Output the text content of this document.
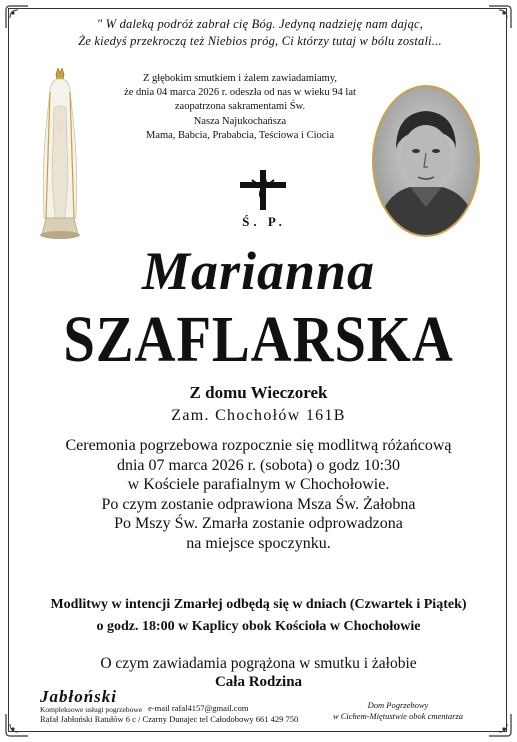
" W daleką podróż zabrał cię Bóg. Jedyną nadzieję nam dając,
Że kiedyś przekroczą też Niebios próg, Ci którzy tutaj w bólu zostali...
Z głębokim smutkiem i żalem zawiadamiamy,
że dnia 04 marca 2026 r. odeszła od nas w wieku 94 lat
zaopatrzona sakramentami Św.
Nasza Najukochańsza
Mama, Babcia, Prababcia, Teściowa i Ciocia
Ś. P.
Marianna
SZAFLARSKA
Z domu Wieczorek
Zam. Chochołów 161B
Ceremonia pogrzebowa rozpocznie się modlitwą różańcową
dnia 07 marca 2026 r. (sobota) o godz 10:30
w Kościele parafialnym w Chochołowie.
Po czym zostanie odprawiona Msza Św. Żałobna
Po Mszy Św. Zmarła zostanie odprowadzona
na miejsce spoczynku.
Modlitwy w intencji Zmarłej odbędą się w dniach (Czwartek i Piątek)
o godz. 18:00 w Kaplicy obok Kościoła w Chochołowie
O czym zawiadamia pogrążona w smutku i żałobie
Cała Rodzina
Jabłoński
Kompleksowe usługi pogrzebowe e-mail rafal4157@gmail.com
Rafał Jabłoński Ratułów 6 c / Czarny Dunajec tel Całodobowy 661 429 750
Dom Pogrzebowy
w Cichem-Miętustwie obok cmentarza
